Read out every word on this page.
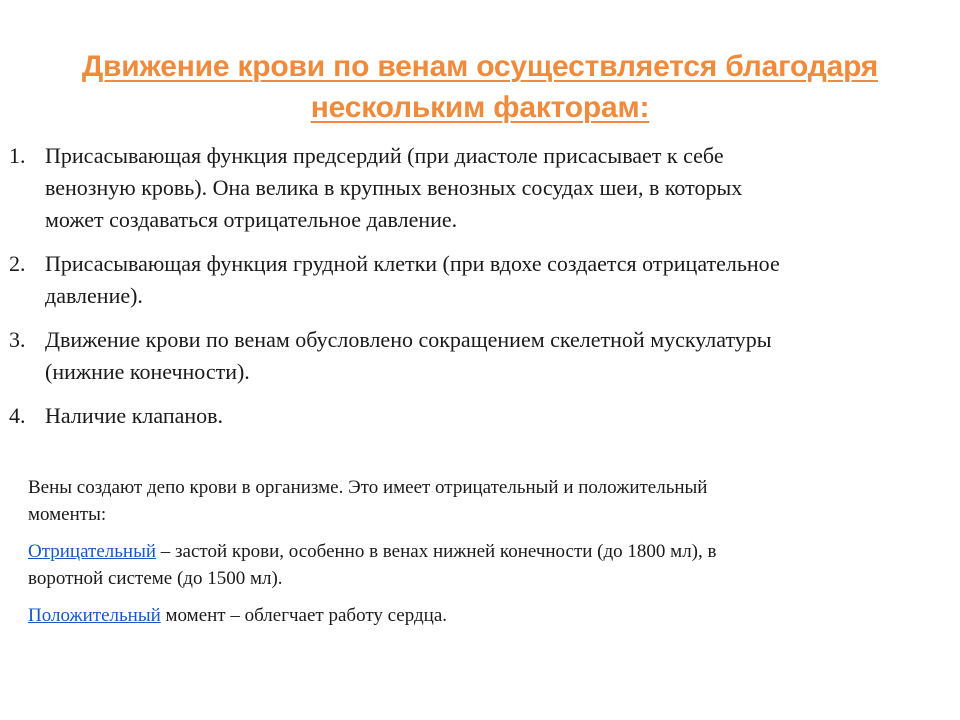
Движение крови по венам осуществляется благодаря
нескольким факторам:
1. Присасывающая функция предсердий (при диастоле присасывает к себе
венозную кровь). Она велика в крупных венозных сосудах шеи, в которых
может создаваться отрицательное давление.
2. Присасывающая функция грудной клетки (при вдохе создается отрицательное
давление).
3. Движение крови по венам обусловлено сокращением скелетной мускулатуры
(нижние конечности).
4. Наличие клапанов.

Вены создают депо крови в организме. Это имеет отрицательный и положительный
моменты:

Отрицательный – застой крови, особенно в венах нижней конечности (до 1800 мл), в
воротной системе (до 1500 мл).

Положительный момент – облегчает работу сердца.
